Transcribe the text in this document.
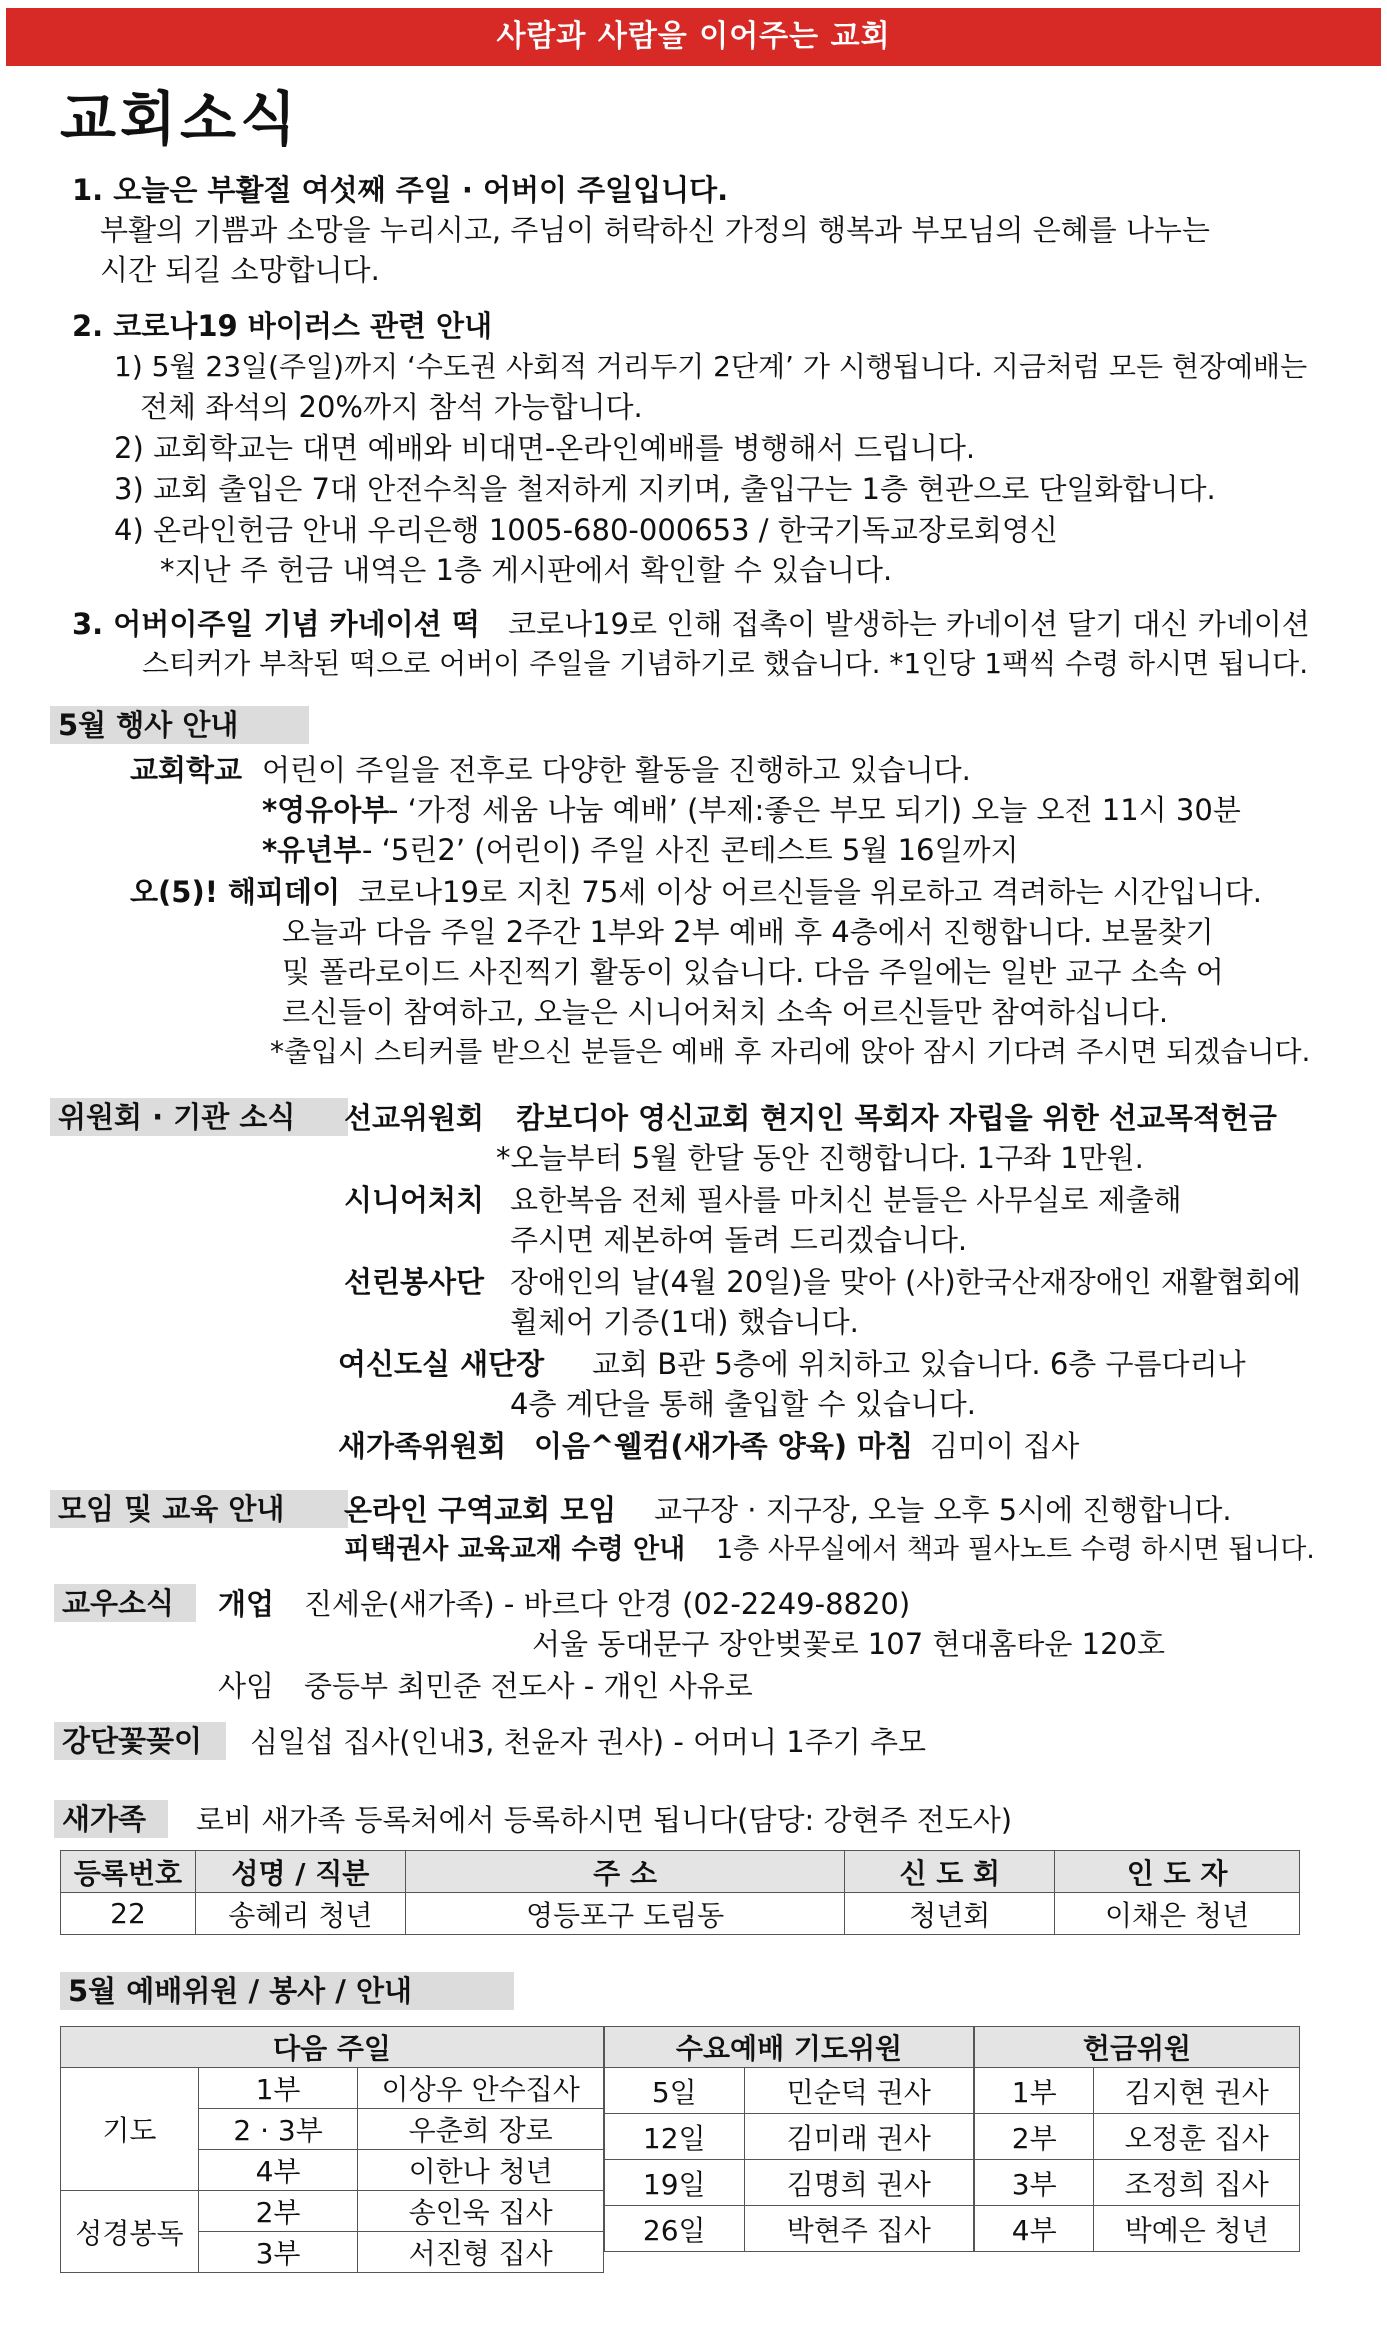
사람과 사람을 이어주는 교회
교회소식
1. 오늘은 부활절 여섯째 주일 · 어버이 주일입니다.
부활의 기쁨과 소망을 누리시고, 주님이 허락하신 가정의 행복과 부모님의 은혜를 나누는
시간 되길 소망합니다.
2. 코로나19 바이러스 관련 안내
1) 5월 23일(주일)까지 ‘수도권 사회적 거리두기 2단계’ 가 시행됩니다. 지금처럼 모든 현장예배는
전체 좌석의 20%까지 참석 가능합니다.
2) 교회학교는 대면 예배와 비대면-온라인예배를 병행해서 드립니다.
3) 교회 출입은 7대 안전수칙을 철저하게 지키며, 출입구는 1층 현관으로 단일화합니다.
4) 온라인헌금 안내 우리은행 1005-680-000653 / 한국기독교장로회영신
*지난 주 헌금 내역은 1층 게시판에서 확인할 수 있습니다.
3. 어버이주일 기념 카네이션 떡 코로나19로 인해 접촉이 발생하는 카네이션 달기 대신 카네이션
스티커가 부착된 떡으로 어버이 주일을 기념하기로 했습니다. *1인당 1팩씩 수령 하시면 됩니다.
5월 행사 안내
교회학교 어린이 주일을 전후로 다양한 활동을 진행하고 있습니다.
*영유아부
- ‘가정 세움 나눔 예배’ (부제:좋은 부모 되기) 오늘 오전 11시 30분
*유년부 - ‘5린2’ (어린이) 주일 사진 콘테스트 5월 16일까지
오(5)! 해피데이 코로나19로 지친 75세 이상 어르신들을 위로하고 격려하는 시간입니다.
오늘과 다음 주일 2주간 1부와 2부 예배 후 4층에서 진행합니다. 보물찾기
및 폴라로이드 사진찍기 활동이 있습니다. 다음 주일에는 일반 교구 소속 어
르신들이 참여하고, 오늘은 시니어처치 소속 어르신들만 참여하십니다.
*출입시 스티커를 받으신 분들은 예배 후 자리에 앉아 잠시 기다려 주시면 되겠습니다.
위원회 · 기관 소식	선교위원회 캄보디아 영신교회 현지인 목회자 자립을 위한 선교목적헌금
*오늘부터 5월 한달 동안 진행합니다. 1구좌 1만원.
시니어처치 요한복음 전체 필사를 마치신 분들은 사무실로 제출해
주시면 제본하여 돌려 드리겠습니다.
선린봉사단 장애인의 날(4월 20일)을 맞아 (사)한국산재장애인 재활협회에
휠체어 기증(1대) 했습니다.
여신도실 새단장 교회 B관 5층에 위치하고 있습니다. 6층 구름다리나
4층 계단을 통해 출입할 수 있습니다.
새가족위원회 이음^웰컴(새가족 양육) 마침 김미이 집사
모임 및 교육 안내	온라인 구역교회 모임 교구장 · 지구장, 오늘 오후 5시에 진행합니다.
피택권사 교육교재 수령 안내 1층 사무실에서 책과 필사노트 수령 하시면 됩니다.
교우소식	개업 진세운(새가족) - 바르다 안경 (02-2249-8820)
서울 동대문구 장안벚꽃로 107 현대홈타운 120호
사임 중등부 최민준 전도사 - 개인 사유로
강단꽃꽂이	심일섭 집사(인내3, 천윤자 권사) - 어머니 1주기 추모
새가족	로비 새가족 등록처에서 등록하시면 됩니다(담당: 강현주 전도사)
등록번호	성명 / 직분	주 소	신 도 회	인 도 자
22	송혜리 청년	영등포구 도림동	청년회	이채은 청년
5월 예배위원 / 봉사 / 안내
다음 주일		
기도	1부	이상우 안수집사
	2 · 3부	우춘희 장로
	4부	이한나 청년
성경봉독	2부	송인욱 집사
	3부	서진형 집사
수요예배 기도위원	
5일	민순덕 권사
12일	김미래 권사
19일	김명희 권사
26일	박현주 집사
헌금위원	
1부	김지현 권사
2부	오정훈 집사
3부	조정희 집사
4부	박예은 청년
